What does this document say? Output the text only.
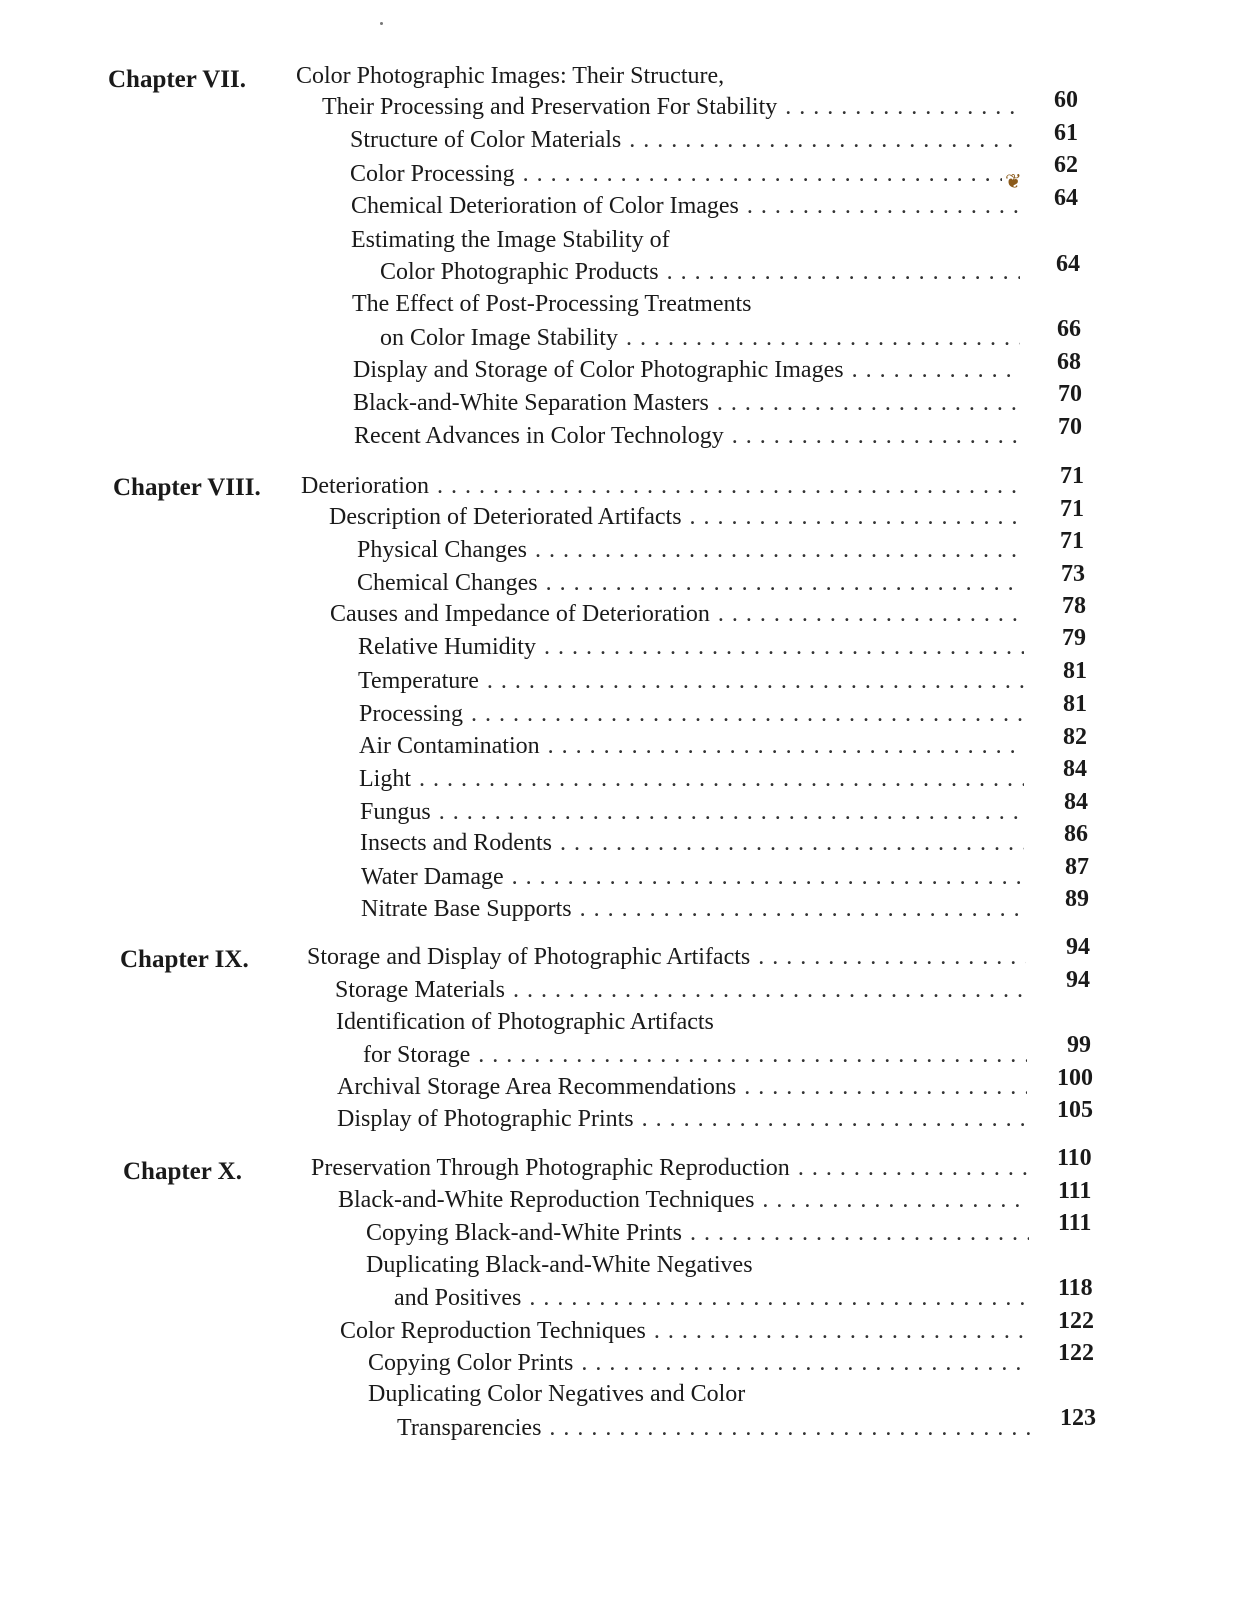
❦
Chapter VII. Color Photographic Images: Their Structure,
Their Processing and Preservation For Stability . . .	60
Structure of Color Materials . . .	61
Color Processing . . .	62
Chemical Deterioration of Color Images . . .	64
Estimating the Image Stability of
Color Photographic Products . . .	64
The Effect of Post-Processing Treatments
on Color Image Stability . . .	66
Display and Storage of Color Photographic Images . . .	68
Black-and-White Separation Masters . . .	70
Recent Advances in Color Technology . . .	70
Chapter VIII. Deterioration . . .	71
Description of Deteriorated Artifacts . . .	71
Physical Changes . . .	71
Chemical Changes . . .	73
Causes and Impedance of Deterioration . . .	78
Relative Humidity . . .	79
Temperature . . .	81
Processing . . .	81
Air Contamination . . .	82
Light . . .	84
Fungus . . .	84
Insects and Rodents . . .	86
Water Damage . . .	87
Nitrate Base Supports . . .	89
Chapter IX. Storage and Display of Photographic Artifacts . . .	94
Storage Materials . . .	94
Identification of Photographic Artifacts
for Storage . . .	99
Archival Storage Area Recommendations . . .	100
Display of Photographic Prints . . .	105
Chapter X.	Preservation Through Photographic Reproduction . . .	110
Black-and-White Reproduction Techniques . . .	111
Copying Black-and-White Prints . . .	111
Duplicating Black-and-White Negatives
and Positives . . .	118
Color Reproduction Techniques . . .	122
Copying Color Prints . . .	122
Duplicating Color Negatives and Color
Transparencies . . .	123
